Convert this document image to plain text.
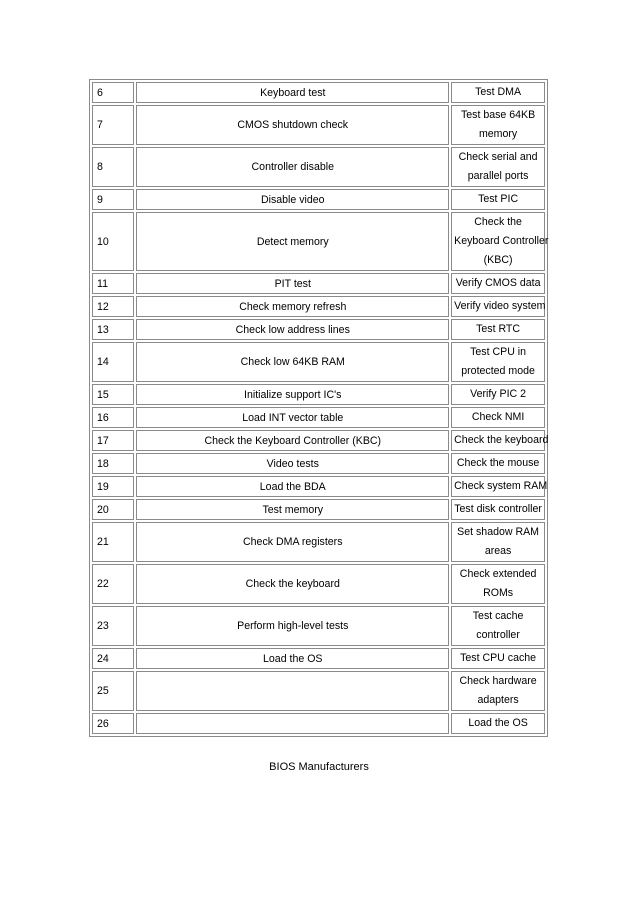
6	Keyboard test	Test DMA

7	CMOS shutdown check	Test base 64KB
memory

8	Controller disable	Check serial and
parallel ports

9	Disable video	Test PIC

10	Detect memory	Check the
Keyboard Controller
(KBC)

11	PIT test	Verify CMOS data

12	Check memory refresh	Verify video system

13	Check low address lines	Test RTC

14	Check low 64KB RAM	Test CPU in
protected mode

15	Initialize support IC's	Verify PIC 2

16	Load INT vector table	Check NMI

17	Check the Keyboard Controller (KBC)	Check the keyboard

18	Video tests	Check the mouse

19	Load the BDA	Check system RAM

20	Test memory	Test disk controller

21	Check DMA registers	Set shadow RAM
areas

22	Check the keyboard	Check extended
ROMs

23	Perform high-level tests	Test cache
controller

24	Load the OS	Test CPU cache

25		Check hardware
adapters

26		Load the OS
BIOS Manufacturers
